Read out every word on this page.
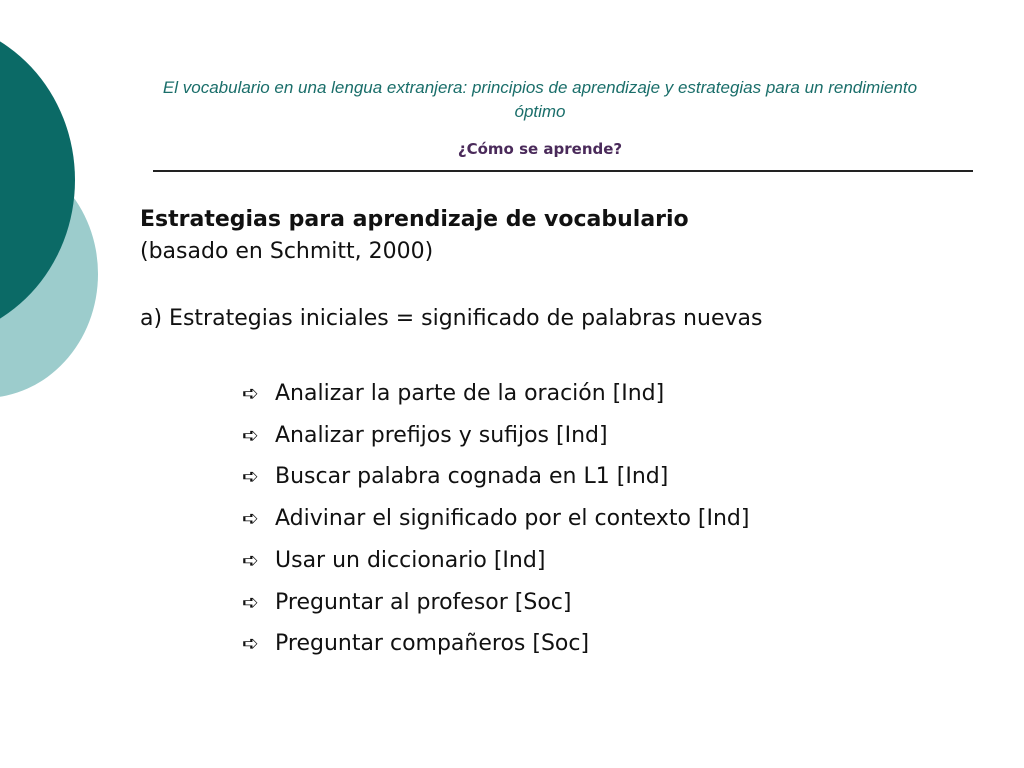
El vocabulario en una lengua extranjera: principios de aprendizaje y estrategias para un rendimiento óptimo
¿Cómo se aprende?

Estrategias para aprendizaje de vocabulario

(basado en Schmitt, 2000)

a) Estrategias iniciales = significado de palabras nuevas

➪ Analizar la parte de la oración [Ind]
➪ Analizar prefijos y sufijos [Ind]
➪ Buscar palabra cognada en L1 [Ind]
➪ Adivinar el significado por el contexto [Ind]
➪ Usar un diccionario [Ind]
➪ Preguntar al profesor [Soc]
➪ Preguntar compañeros [Soc]
